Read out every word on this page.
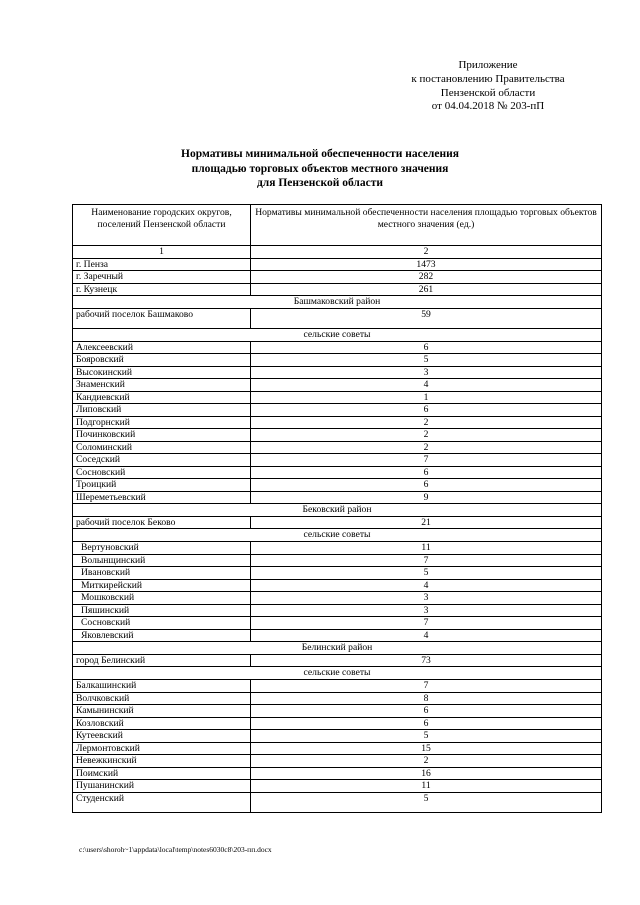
Приложение
к постановлению Правительства
Пензенской области
от 04.04.2018 № 203-пП
Нормативы минимальной обеспеченности населения
площадью торговых объектов местного значения
для Пензенской области
Наименование городских округов, поселений Пензенской области	Нормативы минимальной обеспеченности населения площадью торговых объектов местного значения (ед.)
1	2
г. Пенза	1473
г. Заречный	282
г. Кузнецк	261
Башмаковский район	
рабочий поселок Башмаково	59
сельские советы	
Алексеевский	6
Бояровский	5
Высокинский	3
Знаменский	4
Кандиевский	1
Липовский	6
Подгорнский	2
Починковский	2
Соломинский	2
Соседский	7
Сосновский	6
Троицкий	6
Шереметьевский	9
Бековский район	
рабочий поселок Беково	21
сельские советы	
Вертуновский	11
Волынщинский	7
Ивановский	5
Миткирейский	4
Мошковский	3
Пяшинский	3
Сосновский	7
Яковлевский	4
Белинский район	
город Белинский	73
сельские советы	
Балкашинский	7
Волчковский	8
Камынинский	6
Козловский	6
Кутеевский	5
Лермонтовский	15
Невежкинский	2
Поимский	16
Пушанинский	11
Студенский	5
c:\users\shoroh~1\appdata\local\temp\notes6030c8\203-пп.docx
